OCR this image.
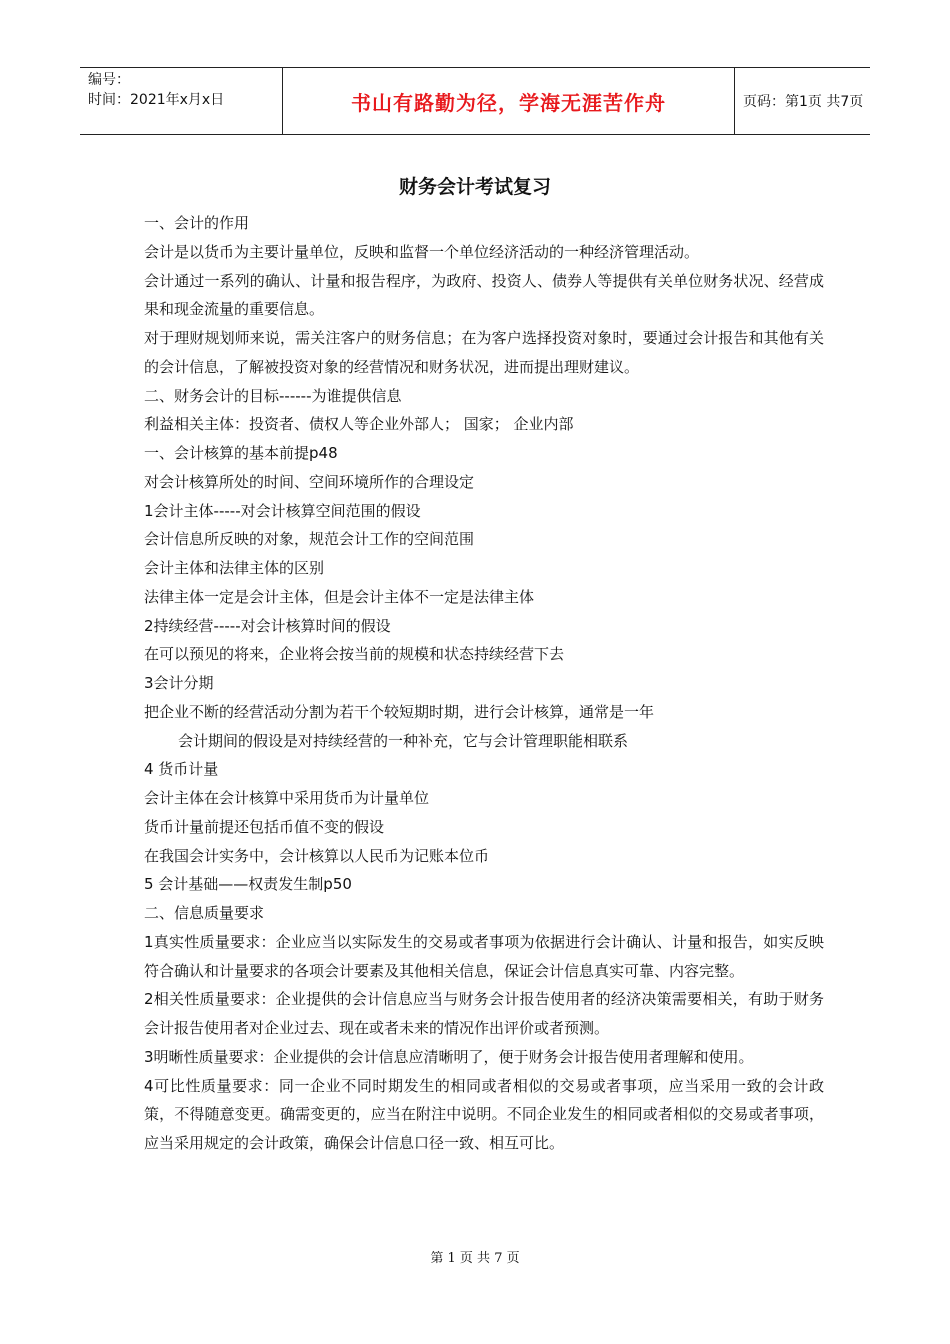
编号：
时间：2021年x月x日	书山有路勤为径，学海无涯苦作舟	页码：第1页 共7页
财务会计考试复习

一、会计的作用

会计是以货币为主要计量单位，反映和监督一个单位经济活动的一种经济管理活动。

会计通过一系列的确认、计量和报告程序，为政府、投资人、债券人等提供有关单位财务状况、经营成果和现金流量的重要信息。

对于理财规划师来说，需关注客户的财务信息；在为客户选择投资对象时，要通过会计报告和其他有关的会计信息，了解被投资对象的经营情况和财务状况，进而提出理财建议。

二、财务会计的目标------为谁提供信息

利益相关主体：投资者、债权人等企业外部人； 国家； 企业内部

一、会计核算的基本前提p48

对会计核算所处的时间、空间环境所作的合理设定

1会计主体-----对会计核算空间范围的假设

会计信息所反映的对象，规范会计工作的空间范围

会计主体和法律主体的区别

法律主体一定是会计主体，但是会计主体不一定是法律主体

2持续经营-----对会计核算时间的假设

在可以预见的将来，企业将会按当前的规模和状态持续经营下去

3会计分期

把企业不断的经营活动分割为若干个较短期时期，进行会计核算，通常是一年

会计期间的假设是对持续经营的一种补充，它与会计管理职能相联系

4 货币计量

会计主体在会计核算中采用货币为计量单位

货币计量前提还包括币值不变的假设

在我国会计实务中，会计核算以人民币为记账本位币

5 会计基础——权责发生制p50

二、信息质量要求

1真实性质量要求：企业应当以实际发生的交易或者事项为依据进行会计确认、计量和报告，如实反映符合确认和计量要求的各项会计要素及其他相关信息，保证会计信息真实可靠、内容完整。

2相关性质量要求：企业提供的会计信息应当与财务会计报告使用者的经济决策需要相关，有助于财务会计报告使用者对企业过去、现在或者未来的情况作出评价或者预测。

3明晰性质量要求：企业提供的会计信息应清晰明了，便于财务会计报告使用者理解和使用。

4可比性质量要求：同一企业不同时期发生的相同或者相似的交易或者事项，应当采用一致的会计政策，不得随意变更。确需变更的，应当在附注中说明。不同企业发生的相同或者相似的交易或者事项，应当采用规定的会计政策，确保会计信息口径一致、相互可比。

第 1 页 共 7 页
